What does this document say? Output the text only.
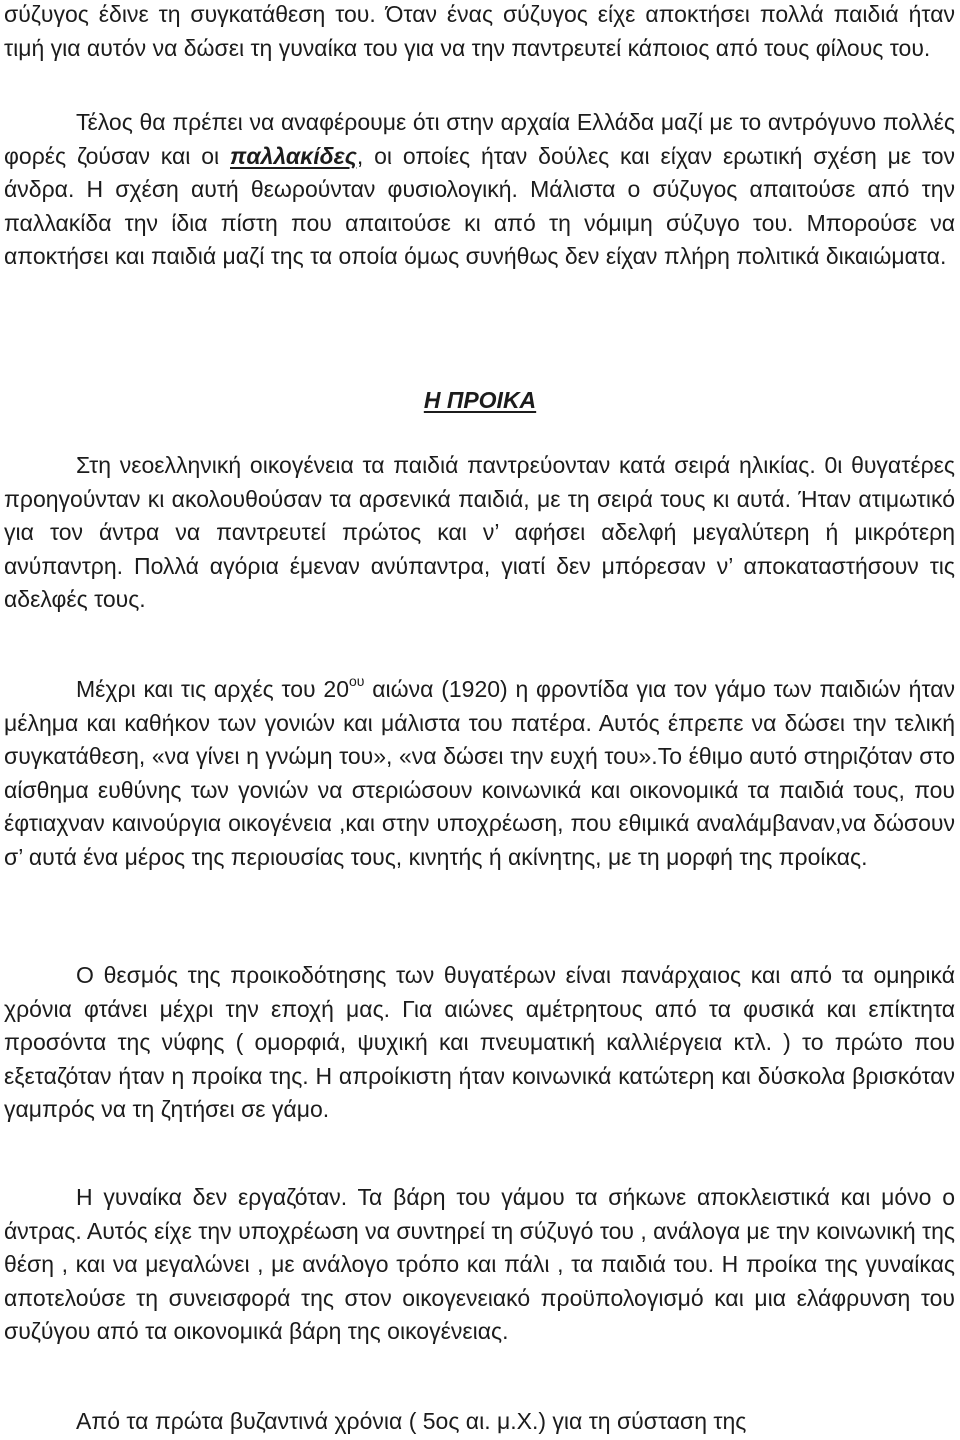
σύζυγος έδινε τη συγκατάθεση του. Όταν ένας σύζυγος είχε αποκτήσει πολλά παιδιά ήταν τιμή για αυτόν να δώσει τη γυναίκα του για να την παντρευτεί κάποιος από τους φίλους του.

Τέλος θα πρέπει να αναφέρουμε ότι στην αρχαία Ελλάδα μαζί με το αντρόγυνο πολλές φορές ζούσαν και οι παλλακίδες, οι οποίες ήταν δούλες και είχαν ερωτική σχέση με τον άνδρα. Η σχέση αυτή θεωρούνταν φυσιολογική. Μάλιστα ο σύζυγος απαιτούσε από την παλλακίδα την ίδια πίστη που απαιτούσε κι από τη νόμιμη σύζυγο του. Μπορούσε να αποκτήσει και παιδιά μαζί της τα οποία όμως συνήθως δεν είχαν πλήρη πολιτικά δικαιώματα.

Η ΠΡΟΙΚΑ

Στη νεοελληνική οικογένεια τα παιδιά παντρεύονταν κατά σειρά ηλικίας. 0ι θυγατέρες προηγούνταν κι ακολουθούσαν τα αρσενικά παιδιά, με τη σειρά τους κι αυτά. Ήταν ατιμωτικό για τον άντρα να παντρευτεί πρώτος και ν’ αφήσει αδελφή μεγαλύτερη ή μικρότερη ανύπαντρη. Πολλά αγόρια έμεναν ανύπαντρα, γιατί δεν μπόρεσαν ν’ αποκαταστήσουν τις αδελφές τους.

Μέχρι και τις αρχές του $20^{o\upsilon}$ αιώνα (1920) η φροντίδα για τον γάμο των παιδιών ήταν μέλημα και καθήκον των γονιών και μάλιστα του πατέρα. Αυτός έπρεπε να δώσει την τελική συγκατάθεση, «να γίνει η γνώμη του», «να δώσει την ευχή του».Το έθιμο αυτό στηριζόταν στο αίσθημα ευθύνης των γονιών να στεριώσουν κοινωνικά και οικονομικά τα παιδιά τους, που έφτιαχναν καινούργια οικογένεια ,και στην υποχρέωση, που εθιμικά αναλάμβαναν,να δώσουν σ’ αυτά ένα μέρος της περιουσίας τους, κινητής ή ακίνητης, με τη μορφή της προίκας.

Ο θεσμός της προικοδότησης των θυγατέρων είναι πανάρχαιος και από τα ομηρικά χρόνια φτάνει μέχρι την εποχή μας. Για αιώνες αμέτρητους από τα φυσικά και επίκτητα προσόντα της νύφης ( ομορφιά, ψυχική και πνευματική καλλιέργεια κτλ. ) το πρώτο που εξεταζόταν ήταν η προίκα της. Η απροίκιστη ήταν κοινωνικά κατώτερη και δύσκολα βρισκόταν γαμπρός να τη ζητήσει σε γάμο.

Η γυναίκα δεν εργαζόταν. Τα βάρη του γάμου τα σήκωνε αποκλειστικά και μόνο ο άντρας. Αυτός είχε την υποχρέωση να συντηρεί τη σύζυγό του , ανάλογα με την κοινωνική της θέση , και να μεγαλώνει , με ανάλογο τρόπο και πάλι , τα παιδιά του. Η προίκα της γυναίκας αποτελούσε τη συνεισφορά της στον οικογενειακό προϋπολογισμό και μια ελάφρυνση του συζύγου από τα οικονομικά βάρη της οικογένειας.

Από τα πρώτα βυζαντινά χρόνια ( 5ος αι. μ.Χ.) για τη σύσταση της
